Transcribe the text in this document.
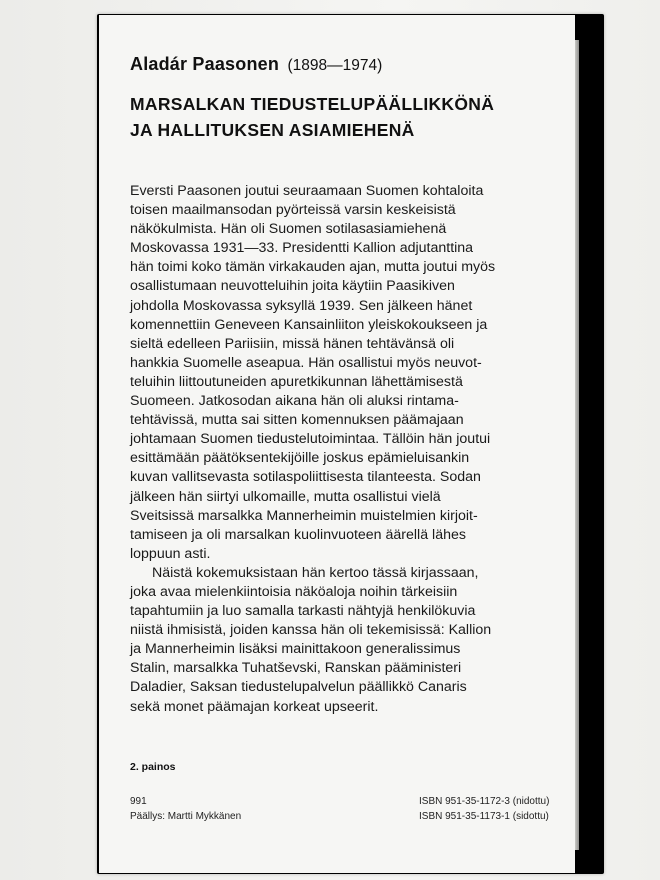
Aladár Paasonen (1898—1974)
MARSALKAN TIEDUSTELUPÄÄLLIKKÖNÄ
JA HALLITUKSEN ASIAMIEHENÄ
Eversti Paasonen joutui seuraamaan Suomen kohtaloita
toisen maailmansodan pyörteissä varsin keskeisistä
näkökulmista. Hän oli Suomen sotilasasiamiehenä
Moskovassa 1931—33. Presidentti Kallion adjutanttina
hän toimi koko tämän virkakauden ajan, mutta joutui myös
osallistumaan neuvotteluihin joita käytiin Paasikiven
johdolla Moskovassa syksyllä 1939. Sen jälkeen hänet
komennettiin Geneveen Kansainliiton yleiskokoukseen ja
sieltä edelleen Pariisiin, missä hänen tehtävänsä oli
hankkia Suomelle aseapua. Hän osallistui myös neuvot-
teluihin liittoutuneiden apuretkikunnan lähettämisestä
Suomeen. Jatkosodan aikana hän oli aluksi rintama-
tehtävissä, mutta sai sitten komennuksen päämajaan
johtamaan Suomen tiedustelutoimintaa. Tällöin hän joutui
esittämään päätöksentekijöille joskus epämieluisankin
kuvan vallitsevasta sotilaspoliittisesta tilanteesta. Sodan
jälkeen hän siirtyi ulkomaille, mutta osallistui vielä
Sveitsissä marsalkka Mannerheimin muistelmien kirjoit-
tamiseen ja oli marsalkan kuolinvuoteen äärellä lähes
loppuun asti.
Näistä kokemuksistaan hän kertoo tässä kirjassaan,
joka avaa mielenkiintoisia näköaloja noihin tärkeisiin
tapahtumiin ja luo samalla tarkasti nähtyjä henkilökuvia
niistä ihmisistä, joiden kanssa hän oli tekemisissä: Kallion
ja Mannerheimin lisäksi mainittakoon generalissimus
Stalin, marsalkka Tuhatševski, Ranskan pääministeri
Daladier, Saksan tiedustelupalvelun päällikkö Canaris
sekä monet päämajan korkeat upseerit.
2. painos
991
Päällys: Martti Mykkänen
ISBN 951-35-1172-3 (nidottu)
ISBN 951-35-1173-1 (sidottu)
